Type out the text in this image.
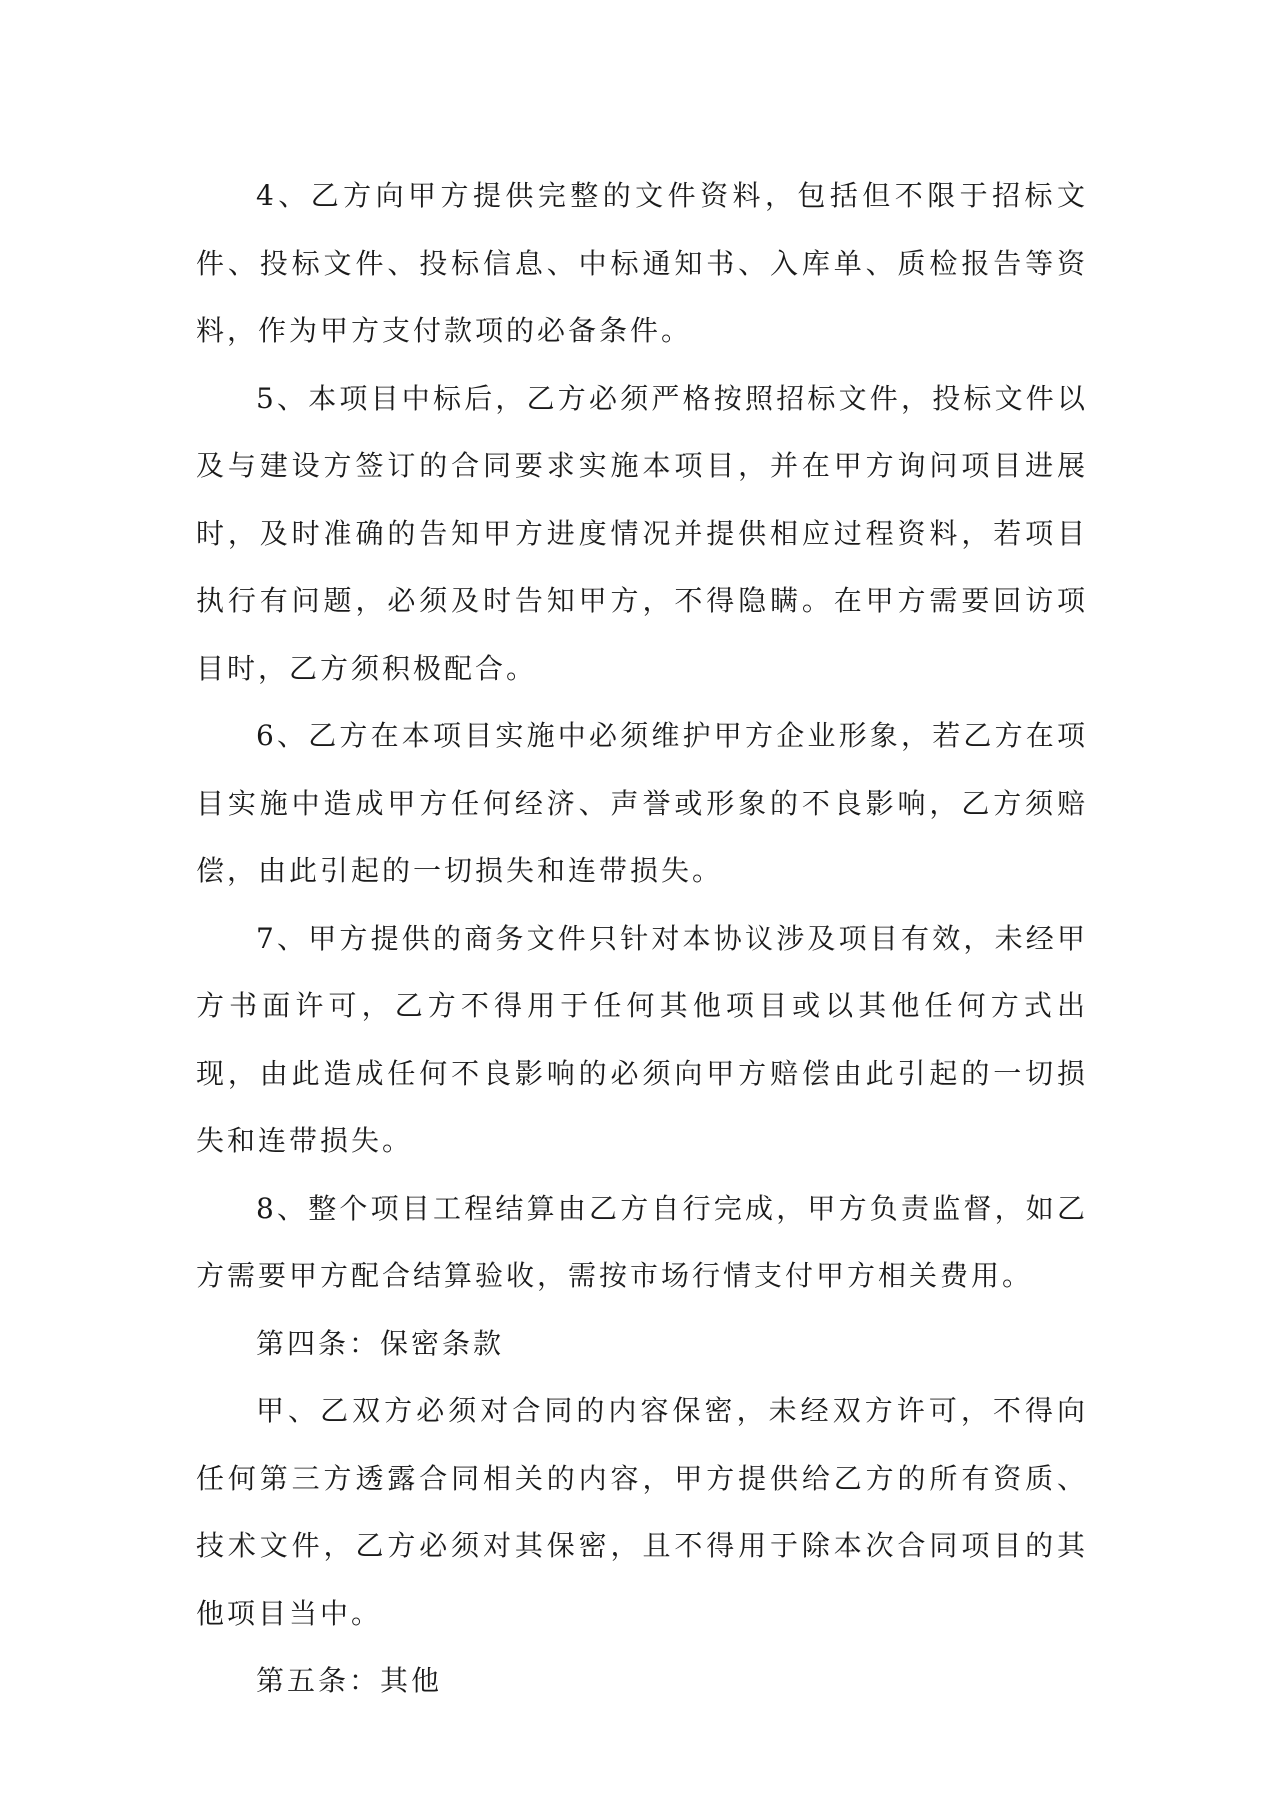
4、乙方向甲方提供完整的文件资料，包括但不限于招标文件、投标文件、投标信息、中标通知书、入库单、质检报告等资料，作为甲方支付款项的必备条件。

5、本项目中标后，乙方必须严格按照招标文件，投标文件以及与建设方签订的合同要求实施本项目，并在甲方询问项目进展时，及时准确的告知甲方进度情况并提供相应过程资料，若项目执行有问题，必须及时告知甲方，不得隐瞒。在甲方需要回访项目时，乙方须积极配合。

6、乙方在本项目实施中必须维护甲方企业形象，若乙方在项目实施中造成甲方任何经济、声誉或形象的不良影响，乙方须赔偿，由此引起的一切损失和连带损失。

7、甲方提供的商务文件只针对本协议涉及项目有效，未经甲方书面许可，乙方不得用于任何其他项目或以其他任何方式出现，由此造成任何不良影响的必须向甲方赔偿由此引起的一切损失和连带损失。

8、整个项目工程结算由乙方自行完成，甲方负责监督，如乙方需要甲方配合结算验收，需按市场行情支付甲方相关费用。

第四条：保密条款

甲、乙双方必须对合同的内容保密，未经双方许可，不得向任何第三方透露合同相关的内容，甲方提供给乙方的所有资质、技术文件，乙方必须对其保密，且不得用于除本次合同项目的其他项目当中。

第五条：其他
